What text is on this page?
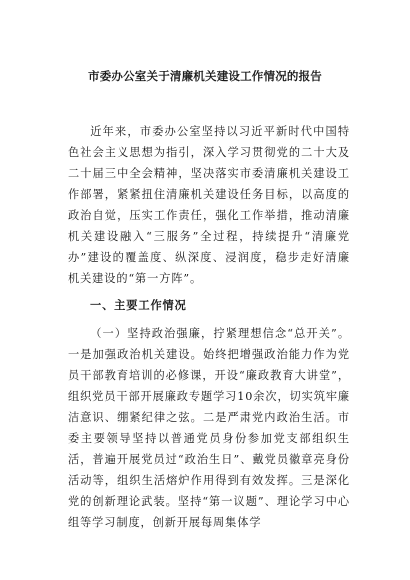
市委办公室关于清廉机关建设工作情况的报告
近年来，市委办公室坚持以习近平新时代中国特色社会主义思想为指引，深入学习贯彻党的二十大及二十届三中全会精神，坚决落实市委清廉机关建设工作部署，紧紧扭住清廉机关建设任务目标，以高度的政治自觉，压实工作责任，强化工作举措，推动清廉机关建设融入“三服务”全过程，持续提升“清廉党办”建设的覆盖度、纵深度、浸润度，稳步走好清廉机关建设的“第一方阵”。
一、主要工作情况
（一）坚持政治强廉，拧紧理想信念“总开关”。一是加强政治机关建设。始终把增强政治能力作为党员干部教育培训的必修课，开设“廉政教育大讲堂”，组织党员干部开展廉政专题学习10余次，切实筑牢廉洁意识、绷紧纪律之弦。二是严肃党内政治生活。市委主要领导坚持以普通党员身份参加党支部组织生活，普遍开展党员过“政治生日”、戴党员徽章亮身份活动等，组织生活熔炉作用得到有效发挥。三是深化党的创新理论武装。坚持“第一议题”、理论学习中心组等学习制度，创新开展每周集体学
